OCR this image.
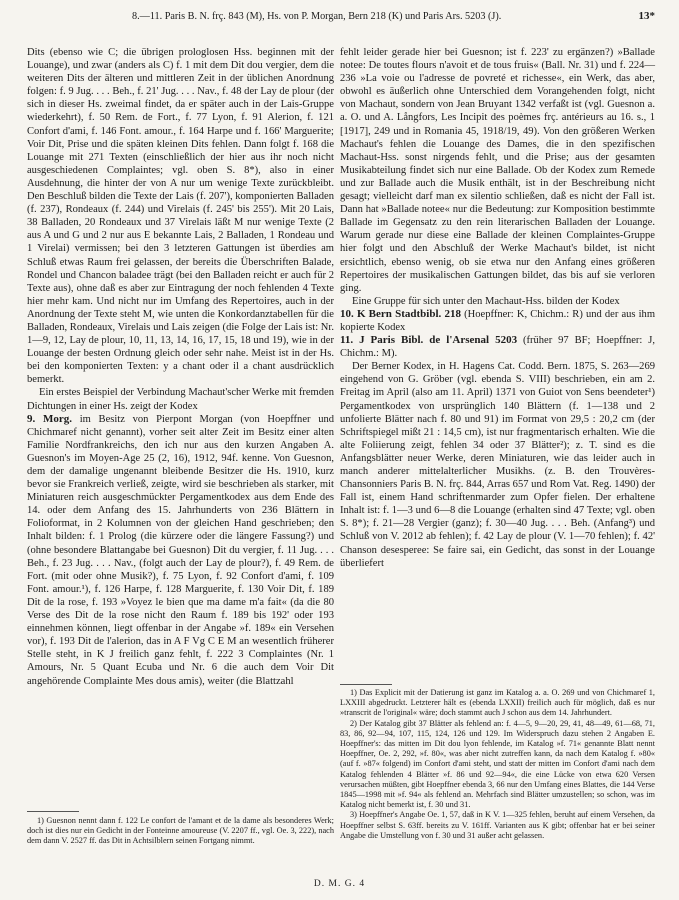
8.—11. Paris B. N. frç. 843 (M), Hs. von P. Morgan, Bern 218 (K) und Paris Ars. 5203 (J).	13*

Dits (ebenso wie C; die übrigen prologlosen Hss. beginnen mit der Louange), und zwar (anders als C) f. 1 mit dem Dit dou vergier, dem die weiteren Dits der älteren und mittleren Zeit in der üblichen Anordnung folgen: f. 9 Jug. . . . Beh., f. 21' Jug. . . . Nav., f. 48 der Lay de plour (der sich in dieser Hs. zweimal findet, da er später auch in der Lais-Gruppe wiederkehrt), f. 50 Rem. de Fort., f. 77 Lyon, f. 91 Alerion, f. 121 Confort d'ami, f. 146 Font. amour., f. 164 Harpe und f. 166' Marguerite; Voir Dit, Prise und die späten kleinen Dits fehlen. Dann folgt f. 168 die Louange mit 271 Texten (einschließlich der hier aus ihr noch nicht ausgeschiedenen Complaintes; vgl. oben S. 8*), also in einer Ausdehnung, die hinter der von A nur um wenige Texte zurückbleibt. Den Beschluß bilden die Texte der Lais (f. 207'), komponierten Balladen (f. 237), Rondeaux (f. 244) und Virelais (f. 245' bis 255'). Mit 20 Lais, 38 Balladen, 20 Rondeaux und 37 Virelais läßt M nur wenige Texte (2 aus A und G und 2 nur aus E bekannte Lais, 2 Balladen, 1 Rondeau und 1 Virelai) vermissen; bei den 3 letzteren Gattungen ist überdies am Schluß etwas Raum frei gelassen, der bereits die Überschriften Balade, Rondel und Chancon baladee trägt (bei den Balladen reicht er auch für 2 Texte aus), ohne daß es aber zur Eintragung der noch fehlenden 4 Texte hier mehr kam. Und nicht nur im Umfang des Repertoires, auch in der Anordnung der Texte steht M, wie unten die Konkordanztabellen für die Balladen, Rondeaux, Virelais und Lais zeigen (die Folge der Lais ist: Nr. 1—9, 12, Lay de plour, 10, 11, 13, 14, 16, 17, 15, 18 und 19), wie in der Louange der besten Ordnung gleich oder sehr nahe. Meist ist in der Hs. bei den komponierten Texten: y a chant oder il a chant ausdrücklich bemerkt.

Ein erstes Beispiel der Verbindung Machaut'scher Werke mit fremden Dichtungen in einer Hs. zeigt der Kodex

9. Morg. im Besitz von Pierpont Morgan (von Hoepffner und Chichmaref nicht genannt), vorher seit alter Zeit im Besitz einer alten Familie Nordfrankreichs, den ich nur aus den kurzen Angaben A. Guesnon's im Moyen-Age 25 (2, 16), 1912, 94f. kenne. Von Guesnon, dem der damalige ungenannt bleibende Besitzer die Hs. 1910, kurz bevor sie Frankreich verließ, zeigte, wird sie beschrieben als starker, mit Miniaturen reich ausgeschmückter Pergamentkodex aus dem Ende des 14. oder dem Anfang des 15. Jahrhunderts von 236 Blättern in Folioformat, in 2 Kolumnen von der gleichen Hand geschrieben; den Inhalt bilden: f. 1 Prolog (die kürzere oder die längere Fassung?) und (ohne besondere Blattangabe bei Guesnon) Dit du vergier, f. 11 Jug. . . . Beh., f. 23 Jug. . . . Nav., (folgt auch der Lay de plour?), f. 49 Rem. de Fort. (mit oder ohne Musik?), f. 75 Lyon, f. 92 Confort d'ami, f. 109 Font. amour.¹), f. 126 Harpe, f. 128 Marguerite, f. 130 Voir Dit, f. 189 Dit de la rose, f. 193 »Voyez le bien que ma dame m'a fait« (da die 80 Verse des Dit de la rose nicht den Raum f. 189 bis 192' oder 193 einnehmen können, liegt offenbar in der Angabe »f. 189« ein Versehen vor), f. 193 Dit de l'alerion, das in A F Vg C E M an wesentlich früherer Stelle steht, in K J freilich ganz fehlt, f. 222 3 Complaintes (Nr. 1 Amours, Nr. 5 Quant Ecuba und Nr. 6 die auch dem Voir Dit angehörende Complainte Mes dous amis), weiter (die Blattzahl

1) Guesnon nennt dann f. 122 Le confort de l'amant et de la dame als besonderes Werk; doch ist dies nur ein Gedicht in der Fonteinne amoureuse (V. 2207 ff., vgl. Oe. 3, 222), nach dem dann V. 2527 ff. das Dit in Achtsilblern seinen Fortgang nimmt.

fehlt leider gerade hier bei Guesnon; ist f. 223' zu ergänzen?) »Ballade notee: De toutes flours n'avoit et de tous fruis« (Ball. Nr. 31) und f. 224—236 »La voie ou l'adresse de povreté et richesse«, ein Werk, das aber, obwohl es äußerlich ohne Unterschied dem Vorangehenden folgt, nicht von Machaut, sondern von Jean Bruyant 1342 verfaßt ist (vgl. Guesnon a. a. O. und A. Långfors, Les Incipit des poèmes frç. antérieurs au 16. s., 1 [1917], 249 und in Romania 45, 1918/19, 49). Von den größeren Werken Machaut's fehlen die Louange des Dames, die in den spezifischen Machaut-Hss. sonst nirgends fehlt, und die Prise; aus der gesamten Musikabteilung findet sich nur eine Ballade. Ob der Kodex zum Remede und zur Ballade auch die Musik enthält, ist in der Beschreibung nicht gesagt; vielleicht darf man ex silentio schließen, daß es nicht der Fall ist. Dann hat »Ballade notee« nur die Bedeutung: zur Komposition bestimmte Ballade im Gegensatz zu den rein literarischen Balladen der Louange. Warum gerade nur diese eine Ballade der kleinen Complaintes-Gruppe hier folgt und den Abschluß der Werke Machaut's bildet, ist nicht ersichtlich, ebenso wenig, ob sie etwa nur den Anfang eines größeren Repertoires der musikalischen Gattungen bildet, das bis auf sie verloren ging.

Eine Gruppe für sich unter den Machaut-Hss. bilden der Kodex

10. K Bern Stadtbibl. 218 (Hoepffner: K, Chichm.: R) und der aus ihm kopierte Kodex

11. J Paris Bibl. de l'Arsenal 5203 (früher 97 BF; Hoepffner: J, Chichm.: M).

Der Berner Kodex, in H. Hagens Cat. Codd. Bern. 1875, S. 263—269 eingehend von G. Gröber (vgl. ebenda S. VIII) beschrieben, ein am 2. Freitag im April (also am 11. April) 1371 von Guiot von Sens beendeter¹) Pergamentkodex von ursprünglich 140 Blättern (f. 1—138 und 2 unfolierte Blätter nach f. 80 und 91) im Format von 29,5 : 20,2 cm (der Schriftspiegel mißt 21 : 14,5 cm), ist nur fragmentarisch erhalten. Wie die alte Foliierung zeigt, fehlen 34 oder 37 Blätter²); z. T. sind es die Anfangsblätter neuer Werke, deren Miniaturen, wie das leider auch in manch anderer mittelalterlicher Musikhs. (z. B. den Trouvères-Chansonniers Paris B. N. frç. 844, Arras 657 und Rom Vat. Reg. 1490) der Fall ist, einem Hand schriftenmarder zum Opfer fielen. Der erhaltene Inhalt ist: f. 1—3 und 6—8 die Louange (erhalten sind 47 Texte; vgl. oben S. 8*); f. 21—28 Vergier (ganz); f. 30—40 Jug. . . . Beh. (Anfang³) und Schluß von V. 2012 ab fehlen); f. 42 Lay de plour (V. 1—70 fehlen); f. 42' Chanson desesperee: Se faire sai, ein Gedicht, das sonst in der Louange überliefert

1) Das Explicit mit der Datierung ist ganz im Katalog a. a. O. 269 und von Chichmaref 1, LXXIII abgedruckt. Letzterer hält es (ebenda LXXII) freilich auch für möglich, daß es nur »transcrit de l'original« wäre; doch stammt auch J schon aus dem 14. Jahrhundert.

2) Der Katalog gibt 37 Blätter als fehlend an: f. 4—5, 9—20, 29, 41, 48—49, 61—68, 71, 83, 86, 92—94, 107, 115, 124, 126 und 129. Im Widerspruch dazu stehen 2 Angaben E. Hoepffner's: das mitten im Dit dou lyon fehlende, im Katalog »f. 71« genannte Blatt nennt Hoepffner, Oe. 2, 292, »f. 80«, was aber nicht zutreffen kann, da nach dem Katalog f. »80« (auf f. »87« folgend) im Confort d'ami steht, und statt der mitten im Confort d'ami nach dem Katalog fehlenden 4 Blätter »f. 86 und 92—94«, die eine Lücke von etwa 620 Versen verursachen müßten, gibt Hoepffner ebenda 3, 66 nur den Umfang eines Blattes, die 144 Verse 1845—1998 mit »f. 94« als fehlend an. Mehrfach sind Blätter umzustellen; so schon, was im Katalog nicht bemerkt ist, f. 30 und 31.

3) Hoepffner's Angabe Oe. 1, 57, daß in K V. 1—325 fehlen, beruht auf einem Versehen, da Hoepffner selbst S. 63ff. bereits zu V. 161ff. Varianten aus K gibt; offenbar hat er bei seiner Angabe die Umstellung von f. 30 und 31 außer acht gelassen.

D. M. G. 4
